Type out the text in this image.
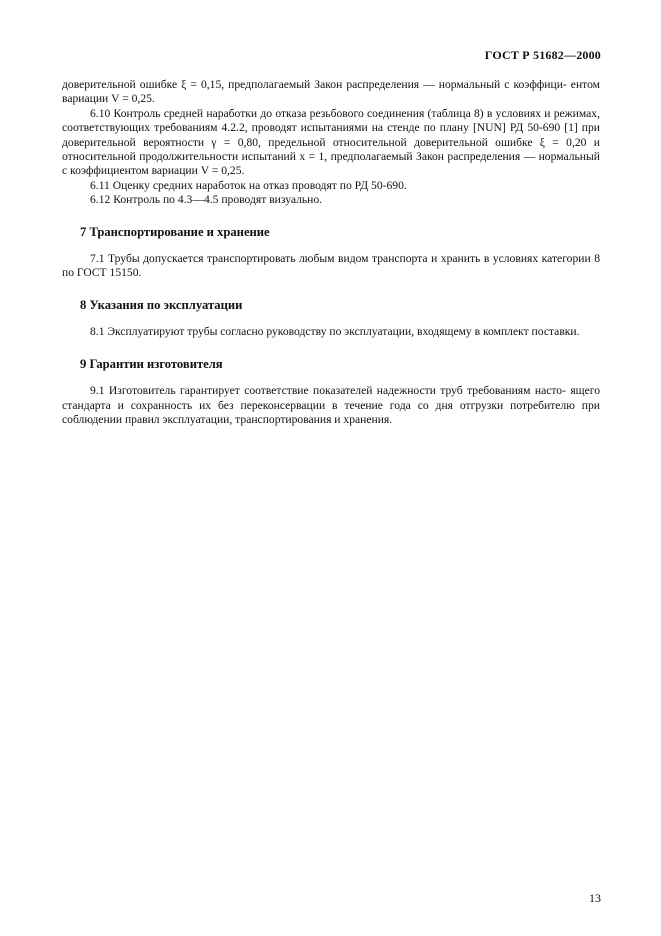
ГОСТ Р 51682—2000

доверительной ошибке ξ = 0,15, предполагаемый Закон распределения — нормальный с коэффици- ентом вариации V = 0,25.

6.10 Контроль средней наработки до отказа резьбового соединения (таблица 8) в условиях и режимах, соответствующих требованиям 4.2.2, проводят испытаниями на стенде по плану [NUN] РД 50-690 [1] при доверительной вероятности γ = 0,80, предельной относительной доверительной ошибке ξ = 0,20 и относительной продолжительности испытаний x = 1, предполагаемый Закон распределения — нормальный с коэффициентом вариации V = 0,25.

6.11 Оценку средних наработок на отказ проводят по РД 50-690.

6.12 Контроль по 4.3—4.5 проводят визуально.

7 Транспортирование и хранение

7.1 Трубы допускается транспортировать любым видом транспорта и хранить в условиях категории 8 по ГОСТ 15150.

8 Указания по эксплуатации

8.1 Эксплуатируют трубы согласно руководству по эксплуатации, входящему в комплект поставки.

9 Гарантии изготовителя

9.1 Изготовитель гарантирует соответствие показателей надежности труб требованиям насто- ящего стандарта и сохранность их без переконсервации в течение года со дня отгрузки потребителю при соблюдении правил эксплуатации, транспортирования и хранения.

13
